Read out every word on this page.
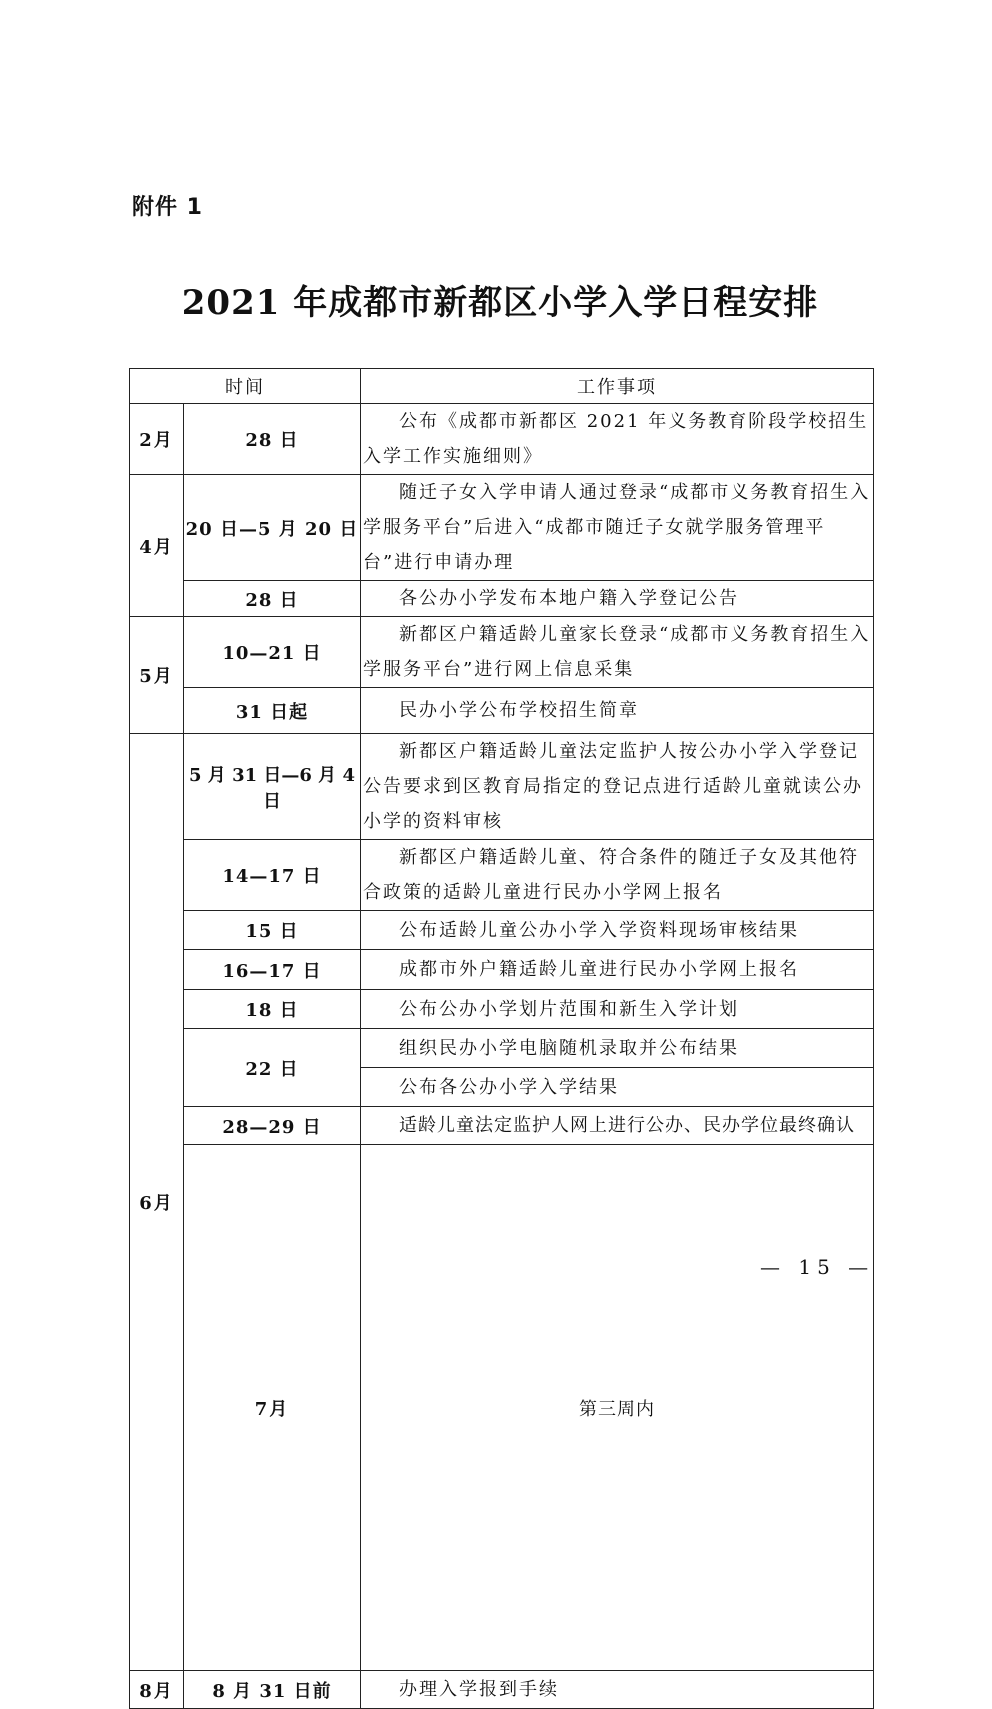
附件 1
2021 年成都市新都区小学入学日程安排
时间		工作事项	
2月	28 日	公布《成都市新都区 2021 年义务教育阶段学校招生入学工作实施细则》	
4月	20 日—5 月 20 日	随迁子女入学申请人通过登录“成都市义务教育招生入学服务平台”后进入“成都市随迁子女就学服务管理平台”进行申请办理	
	28 日	各公办小学发布本地户籍入学登记公告	
5月	10—21 日	新都区户籍适龄儿童家长登录“成都市义务教育招生入学服务平台”进行网上信息采集	
	31 日起	民办小学公布学校招生简章	
6月	5 月 31 日—6 月 4 日	新都区户籍适龄儿童法定监护人按公办小学入学登记公告要求到区教育局指定的登记点进行适龄儿童就读公办小学的资料审核	
	14—17 日	新都区户籍适龄儿童、符合条件的随迁子女及其他符合政策的适龄儿童进行民办小学网上报名	
	15 日	公布适龄儿童公办小学入学资料现场审核结果	
	16—17 日	成都市外户籍适龄儿童进行民办小学网上报名	
	18 日	公布公办小学划片范围和新生入学计划	
	22 日	组织民办小学电脑随机录取并公布结果	
		公布各公办小学入学结果	
	28—29 日	适龄儿童法定监护人网上进行公办、民办学位最终确认	
	7月	第三周内	
8月	8 月 31 日前	办理入学报到手续	
— 15 —
